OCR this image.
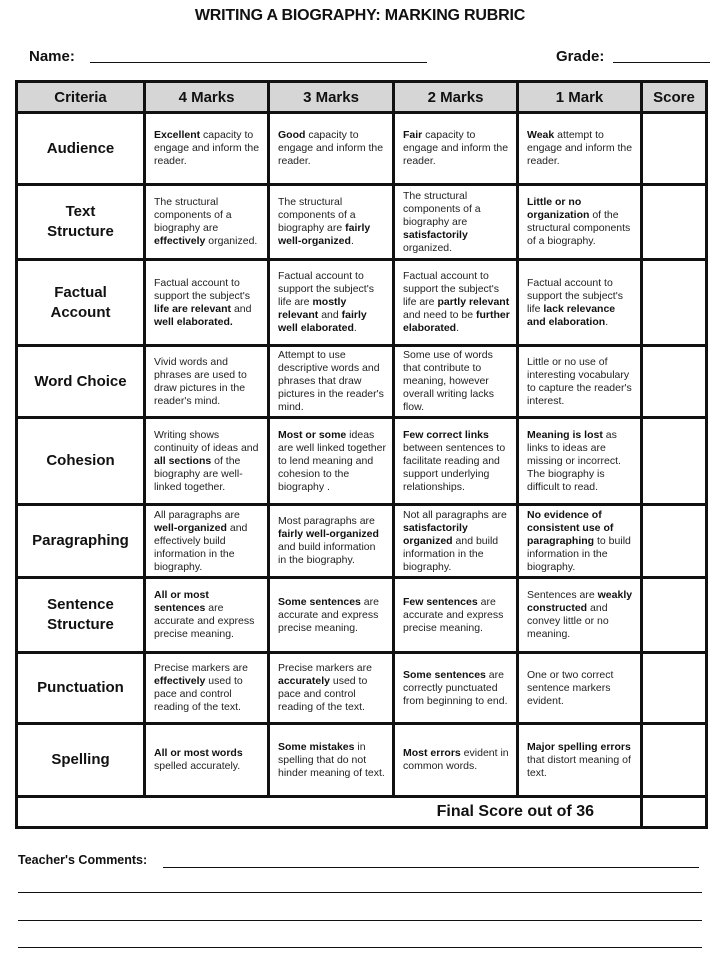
WRITING A BIOGRAPHY: MARKING RUBRIC
Name:	Grade:
Criteria	4 Marks	3 Marks	2 Marks	1 Mark	Score

Audience	Excellent capacity to engage and inform the reader.	Good capacity to engage and inform the reader.	Fair capacity to engage and inform the reader.	Weak attempt to engage and inform the reader.	

Text Structure	The structural components of a biography are effectively organized.	The structural components of a biography are fairly well-organized.	The structural components of a biography are satisfactorily organized.	Little or no organization of the structural components of a biography.	

Factual Account	Factual account to support the subject's life are relevant and well elaborated.	Factual account to support the subject's life are mostly relevant and fairly well elaborated.	Factual account to support the subject's life are partly relevant and need to be further elaborated.	Factual account to support the subject's life lack relevance and elaboration.	

Word Choice	Vivid words and phrases are used to draw pictures in the reader's mind.	Attempt to use descriptive words and phrases that draw pictures in the reader's mind.	Some use of words that contribute to meaning, however overall writing lacks flow.	Little or no use of interesting vocabulary to capture the reader's interest.	

Cohesion	Writing shows continuity of ideas and all sections of the biography are well-linked together.	Most or some ideas are well linked together to lend meaning and cohesion to the biography .	Few correct links between sentences to facilitate reading and support underlying relationships.	Meaning is lost as links to ideas are missing or incorrect. The biography is difficult to read.	

Paragraphing	All paragraphs are well-organized and effectively build information in the biography.	Most paragraphs are fairly well-organized and build information in the biography.	Not all paragraphs are satisfactorily organized and build information in the biography.	No evidence of consistent use of paragraphing to build information in the biography.	

Sentence Structure	All or most sentences are accurate and express precise meaning.	Some sentences are accurate and express precise meaning.	Few sentences are accurate and express precise meaning.	Sentences are weakly constructed and convey little or no meaning.	

Punctuation	Precise markers are effectively used to pace and control reading of the text.	Precise markers are accurately used to pace and control reading of the text.	Some sentences are correctly punctuated from beginning to end.	One or two correct sentence markers evident.	

Spelling	All or most words spelled accurately.	Some mistakes in spelling that do not hinder meaning of text.	Most errors evident in common words.	Major spelling errors that distort meaning of text.	
Final Score out of 36					
Teacher's Comments:
